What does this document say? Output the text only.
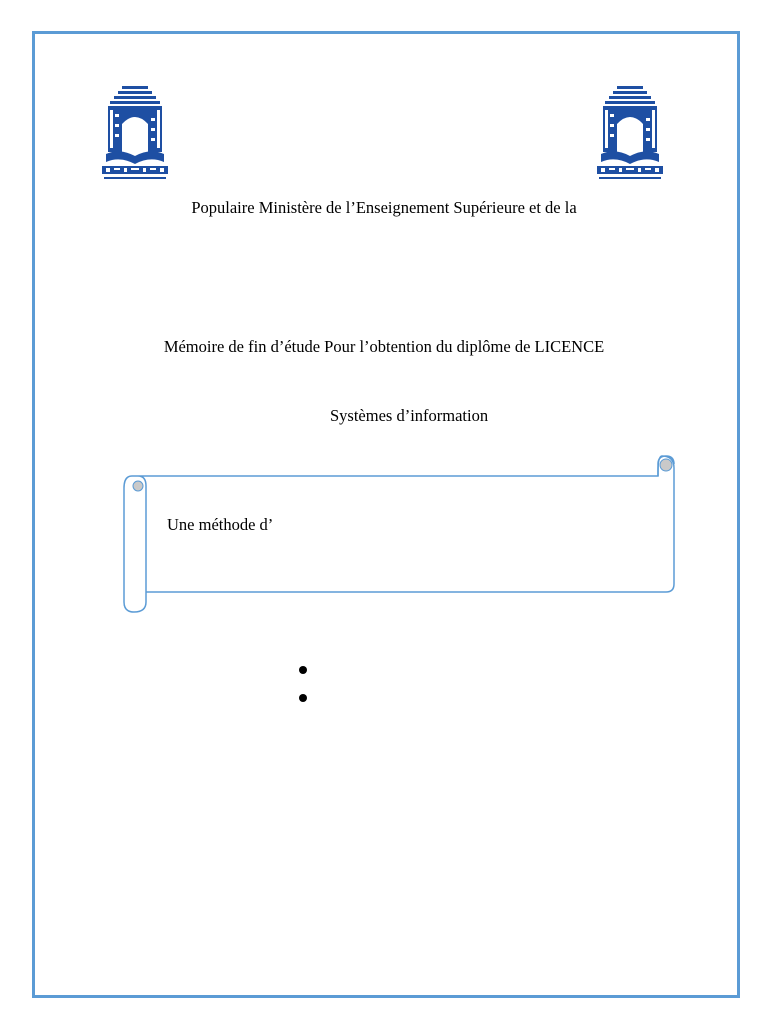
Populaire Ministère de l’Enseignement Supérieure et de la
Mémoire de fin d’étude Pour l’obtention du diplôme de LICENCE
Systèmes d’information
Une méthode d’
